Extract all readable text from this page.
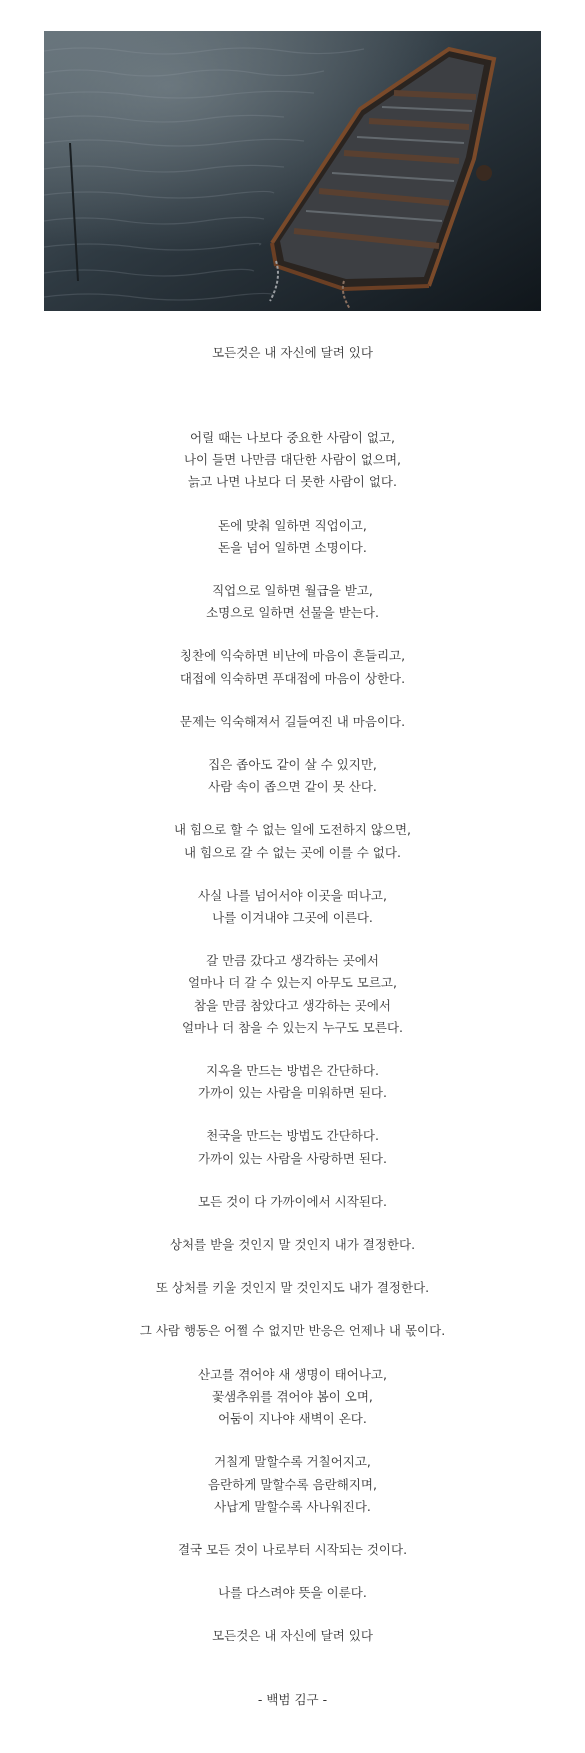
모든것은 내 자신에 달려 있다
어릴 때는 나보다 중요한 사람이 없고,
나이 들면 나만큼 대단한 사람이 없으며,
늙고 나면 나보다 더 못한 사람이 없다.
돈에 맞춰 일하면 직업이고,
돈을 넘어 일하면 소명이다.
직업으로 일하면 월급을 받고,
소명으로 일하면 선물을 받는다.
칭찬에 익숙하면 비난에 마음이 흔들리고,
대접에 익숙하면 푸대접에 마음이 상한다.
문제는 익숙해져서 길들여진 내 마음이다.
집은 좁아도 같이 살 수 있지만,
사람 속이 좁으면 같이 못 산다.
내 힘으로 할 수 없는 일에 도전하지 않으면,
내 힘으로 갈 수 없는 곳에 이를 수 없다.
사실 나를 넘어서야 이곳을 떠나고,
나를 이겨내야 그곳에 이른다.
갈 만큼 갔다고 생각하는 곳에서
얼마나 더 갈 수 있는지 아무도 모르고,
참을 만큼 참았다고 생각하는 곳에서
얼마나 더 참을 수 있는지 누구도 모른다.
지옥을 만드는 방법은 간단하다.
가까이 있는 사람을 미워하면 된다.
천국을 만드는 방법도 간단하다.
가까이 있는 사람을 사랑하면 된다.
모든 것이 다 가까이에서 시작된다.
상처를 받을 것인지 말 것인지 내가 결정한다.
또 상처를 키울 것인지 말 것인지도 내가 결정한다.
그 사람 행동은 어쩔 수 없지만 반응은 언제나 내 몫이다.
산고를 겪어야 새 생명이 태어나고,
꽃샘추위를 겪어야 봄이 오며,
어둠이 지나야 새벽이 온다.
거칠게 말할수록 거칠어지고,
음란하게 말할수록 음란해지며,
사납게 말할수록 사나워진다.
결국 모든 것이 나로부터 시작되는 것이다.
나를 다스려야 뜻을 이룬다.
모든것은 내 자신에 달려 있다
- 백범 김구 -
